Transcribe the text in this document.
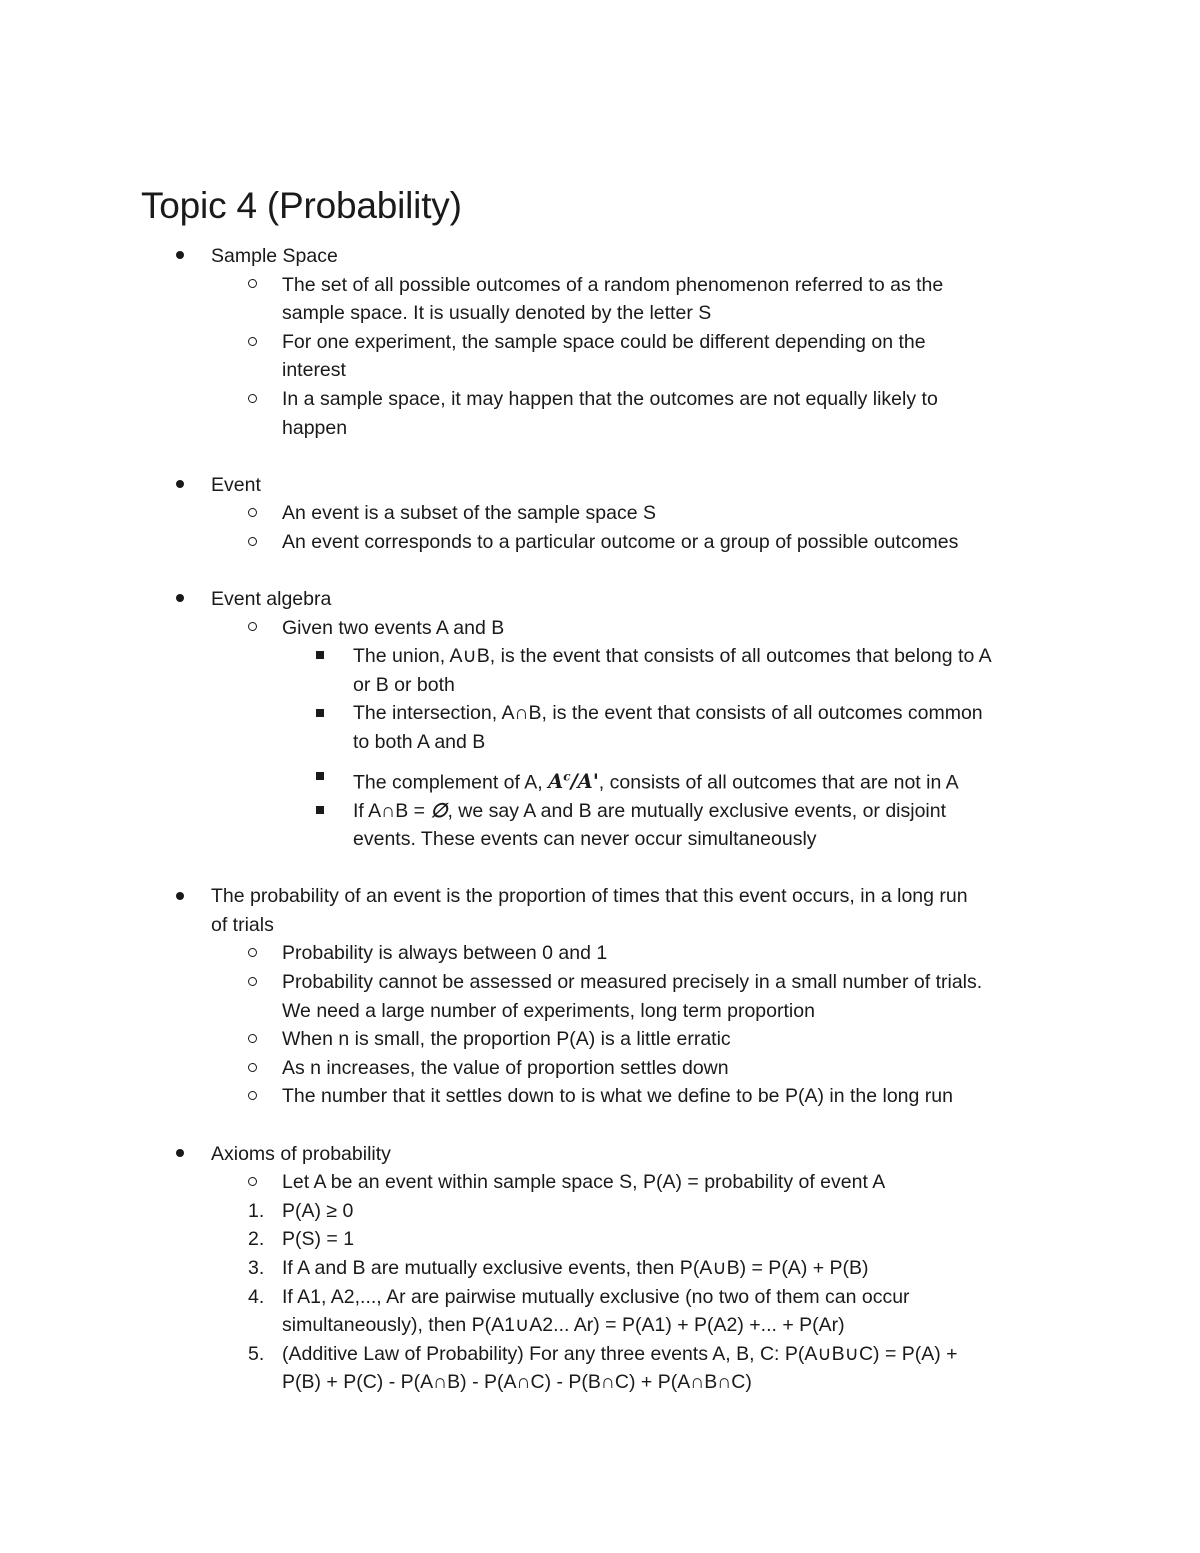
Topic 4 (Probability)
Sample Space
The set of all possible outcomes of a random phenomenon referred to as the
sample space. It is usually denoted by the letter S
For one experiment, the sample space could be different depending on the
interest
In a sample space, it may happen that the outcomes are not equally likely to
happen
Event
An event is a subset of the sample space S
An event corresponds to a particular outcome or a group of possible outcomes
Event algebra
Given two events A and B
The union, A∪B, is the event that consists of all outcomes that belong to A
or B or both
The intersection, A∩B, is the event that consists of all outcomes common
to both A and B
The complement of A, $A^c/A'$, consists of all outcomes that are not in A
If A∩B = ∅, we say A and B are mutually exclusive events, or disjoint
events. These events can never occur simultaneously
The probability of an event is the proportion of times that this event occurs, in a long run
of trials
Probability is always between 0 and 1
Probability cannot be assessed or measured precisely in a small number of trials.
We need a large number of experiments, long term proportion
When n is small, the proportion P(A) is a little erratic
As n increases, the value of proportion settles down
The number that it settles down to is what we define to be P(A) in the long run
Axioms of probability
Let A be an event within sample space S, P(A) = probability of event A
1. P(A) ≥ 0
2. P(S) = 1
3. If A and B are mutually exclusive events, then P(A∪B) = P(A) + P(B)
4. If A1, A2,..., Ar are pairwise mutually exclusive (no two of them can occur
simultaneously), then P(A1∪A2... Ar) = P(A1) + P(A2) +... + P(Ar)
5. (Additive Law of Probability) For any three events A, B, C: P(A∪B∪C) = P(A) +
P(B) + P(C) - P(A∩B) - P(A∩C) - P(B∩C) + P(A∩B∩C)
